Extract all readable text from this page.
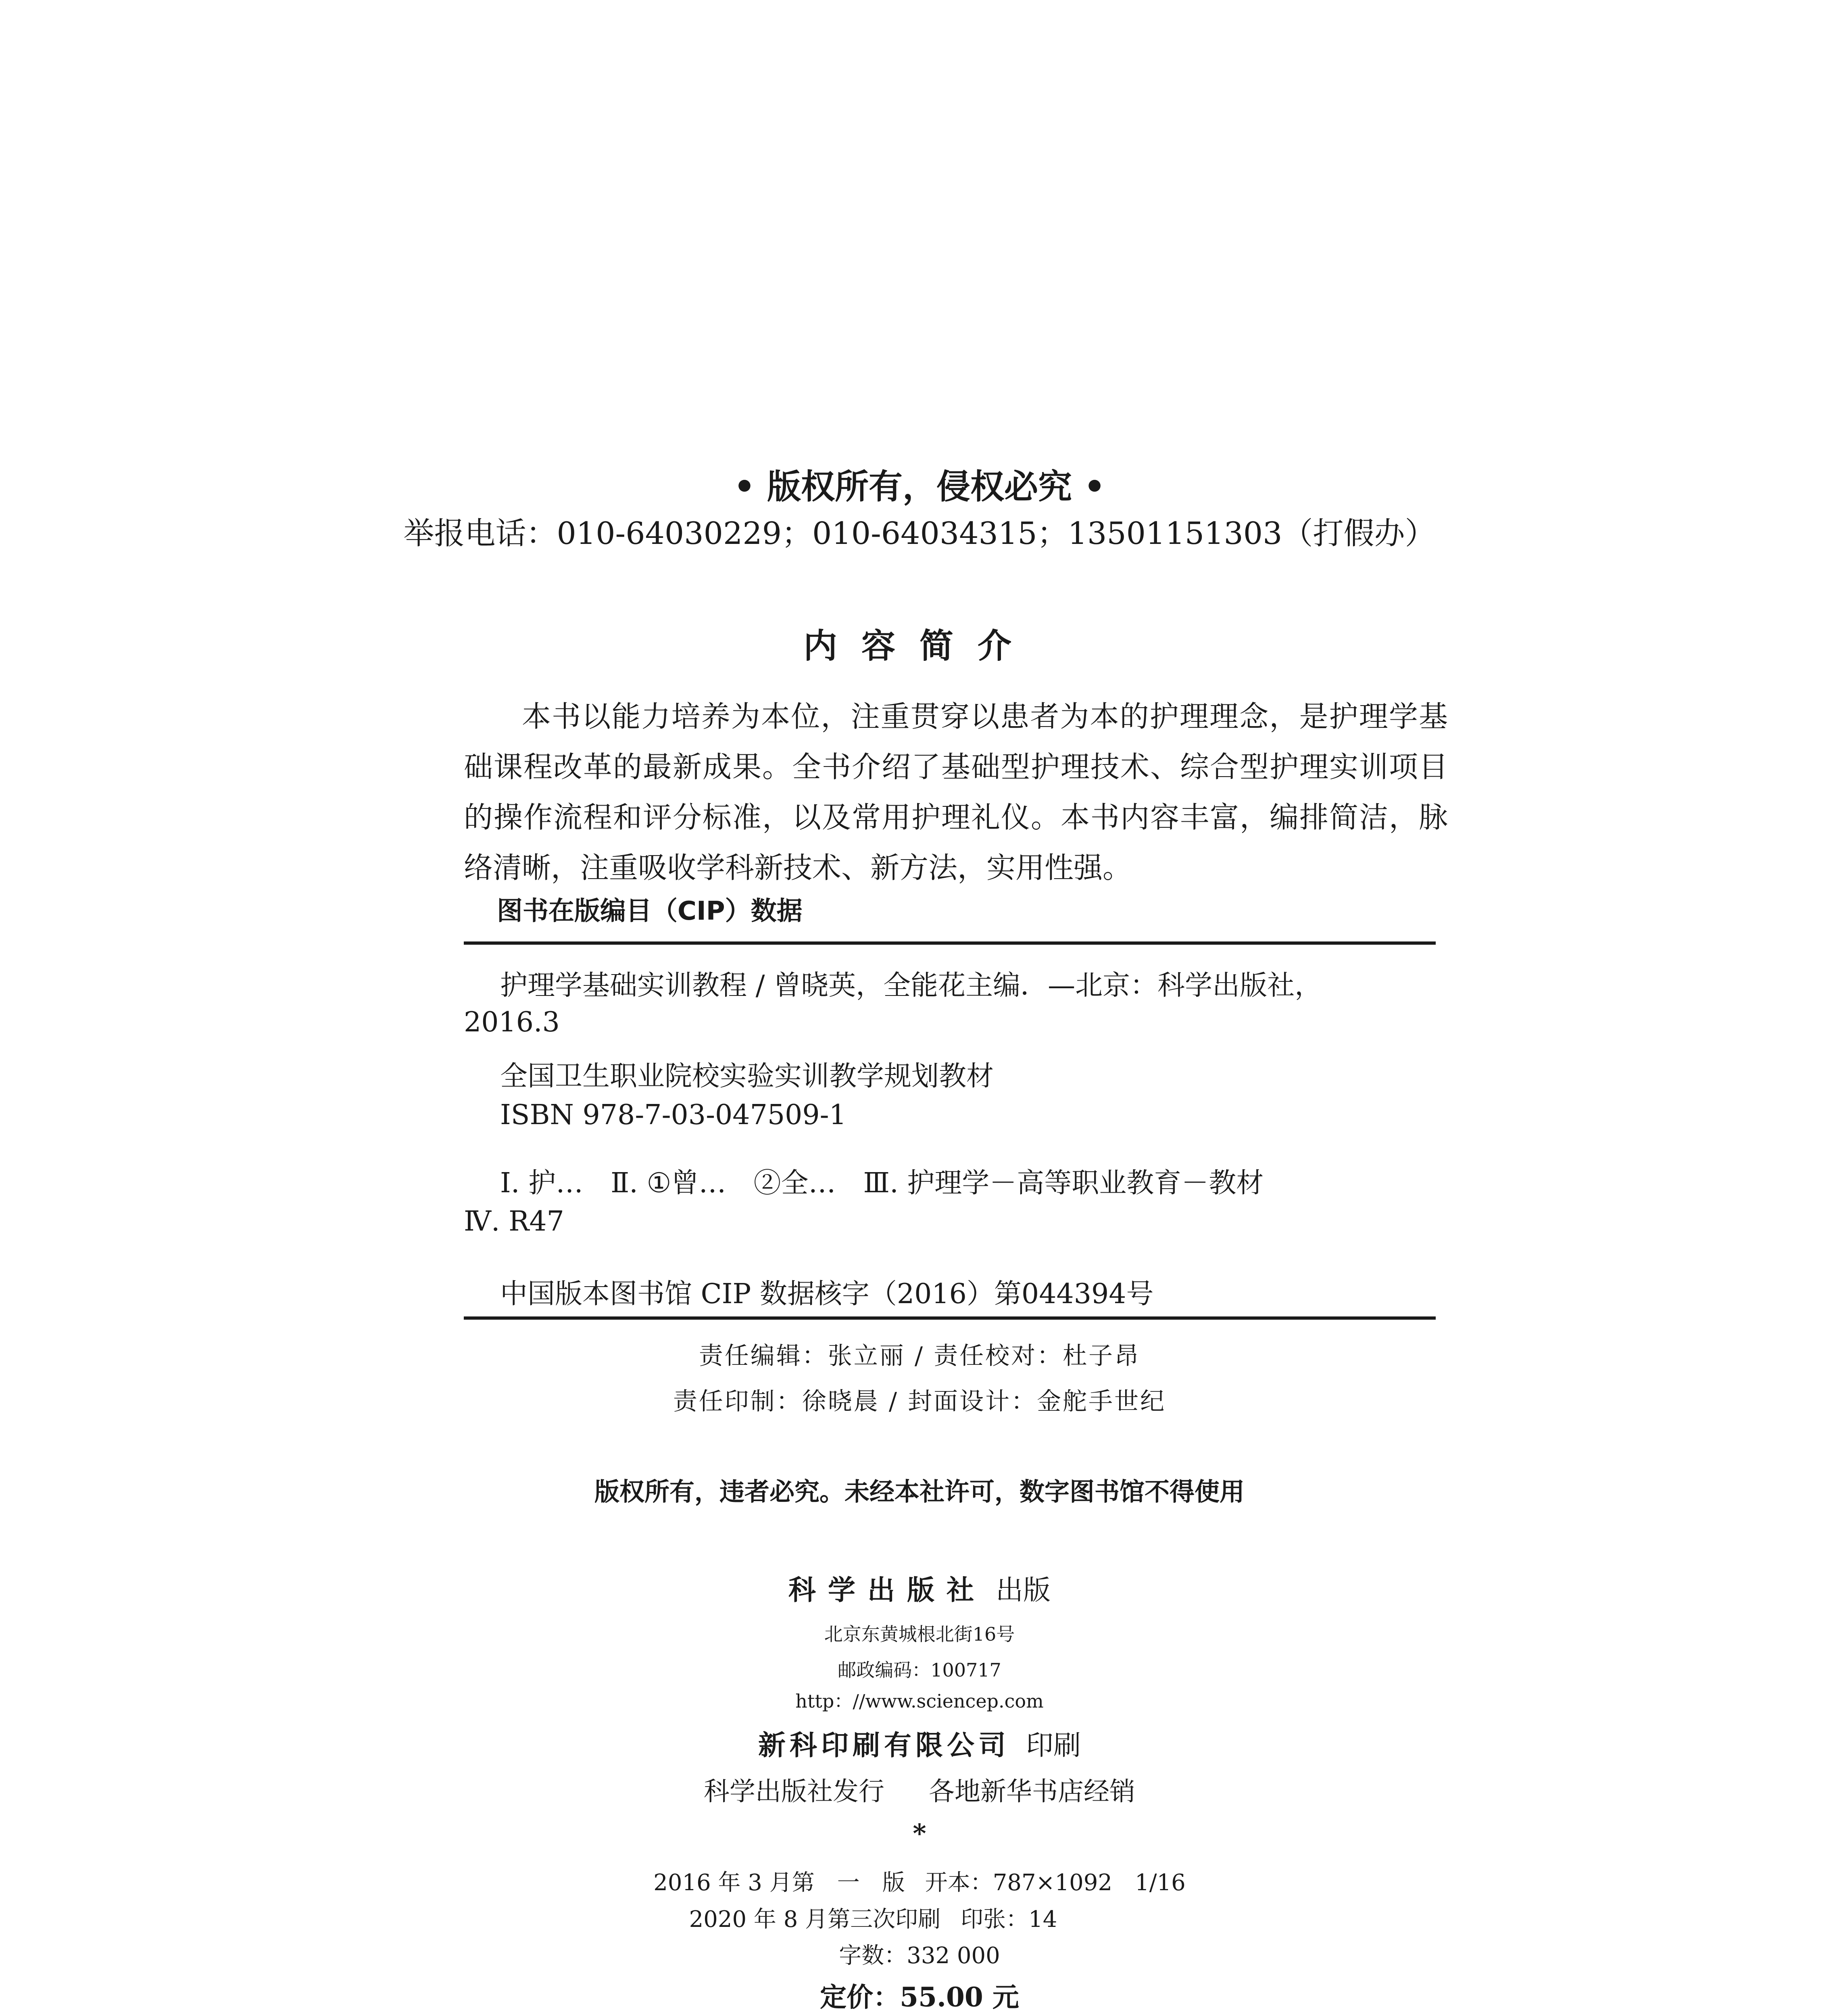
• 版权所有，侵权必究 •
举报电话：010-64030229；010-64034315；13501151303（打假办）
内容简介

本书以能力培养为本位，注重贯穿以患者为本的护理理念，是护理学基础课程改革的最新成果。全书介绍了基础型护理技术、综合型护理实训项目的操作流程和评分标准，以及常用护理礼仪。本书内容丰富，编排简洁，脉络清晰，注重吸收学科新技术、新方法，实用性强。

图书在版编目（CIP）数据
护理学基础实训教程 / 曾晓英，全能花主编．—北京：科学出版社，
2016.3
全国卫生职业院校实验实训教学规划教材
ISBN 978-7-03-047509-1
Ⅰ. 护…　Ⅱ. ①曾…　②全…　Ⅲ. 护理学－高等职业教育－教材
Ⅳ. R47
中国版本图书馆 CIP 数据核字（2016）第044394号
责任编辑：张立丽 / 责任校对：杜子昂
责任印制：徐晓晨 / 封面设计：金舵手世纪
版权所有，违者必究。未经本社许可，数字图书馆不得使用
科学出版社 出版
北京东黄城根北街16号
邮政编码：100717
http：//www.sciencep.com
新科印刷有限公司 印刷
科学出版社发行 各地新华书店经销
*
2016 年 3 月第　一　版 开本：787×1092　1/16
2020 年 8 月第三次印刷 印张：14
字数：332 000
定价：55.00 元
